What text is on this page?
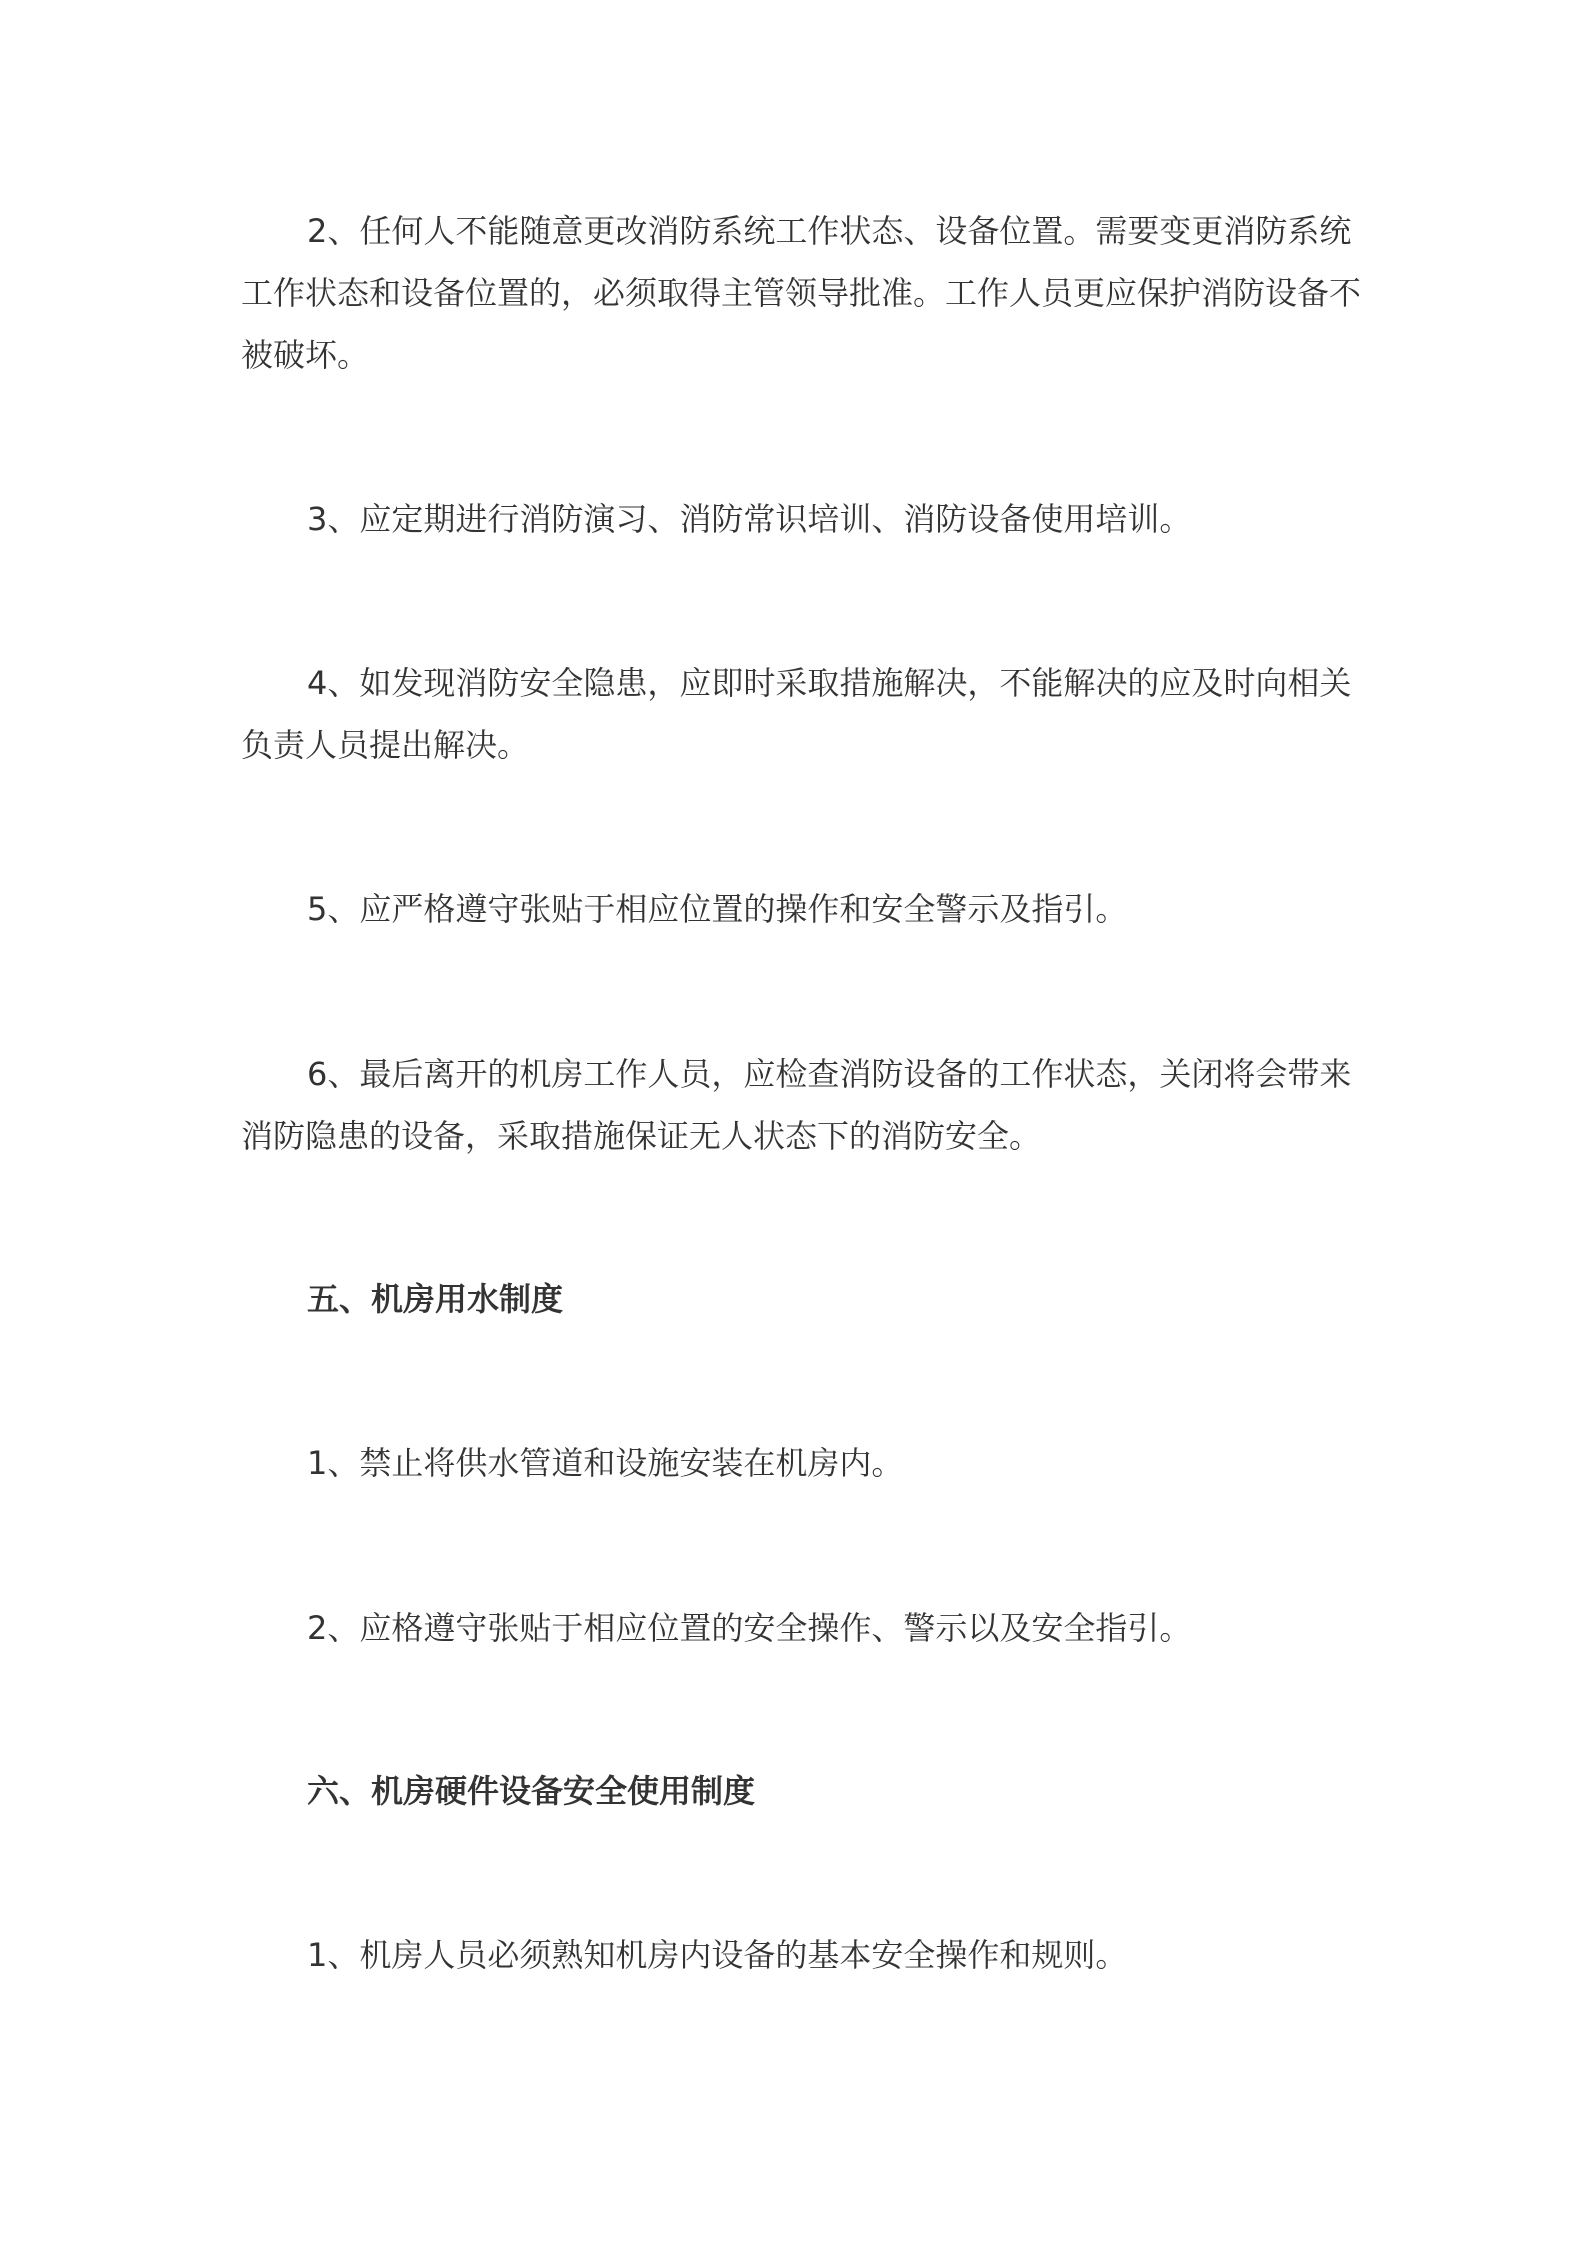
2、任何人不能随意更改消防系统工作状态、设备位置。需要变更消防系统
工作状态和设备位置的，必须取得主管领导批准。工作人员更应保护消防设备不
被破坏。
3、应定期进行消防演习、消防常识培训、消防设备使用培训。
4、如发现消防安全隐患，应即时采取措施解决，不能解决的应及时向相关
负责人员提出解决。
5、应严格遵守张贴于相应位置的操作和安全警示及指引。
6、最后离开的机房工作人员，应检查消防设备的工作状态，关闭将会带来
消防隐患的设备，采取措施保证无人状态下的消防安全。
五、机房用水制度
1、禁止将供水管道和设施安装在机房内。
2、应格遵守张贴于相应位置的安全操作、警示以及安全指引。
六、机房硬件设备安全使用制度
1、机房人员必须熟知机房内设备的基本安全操作和规则。
